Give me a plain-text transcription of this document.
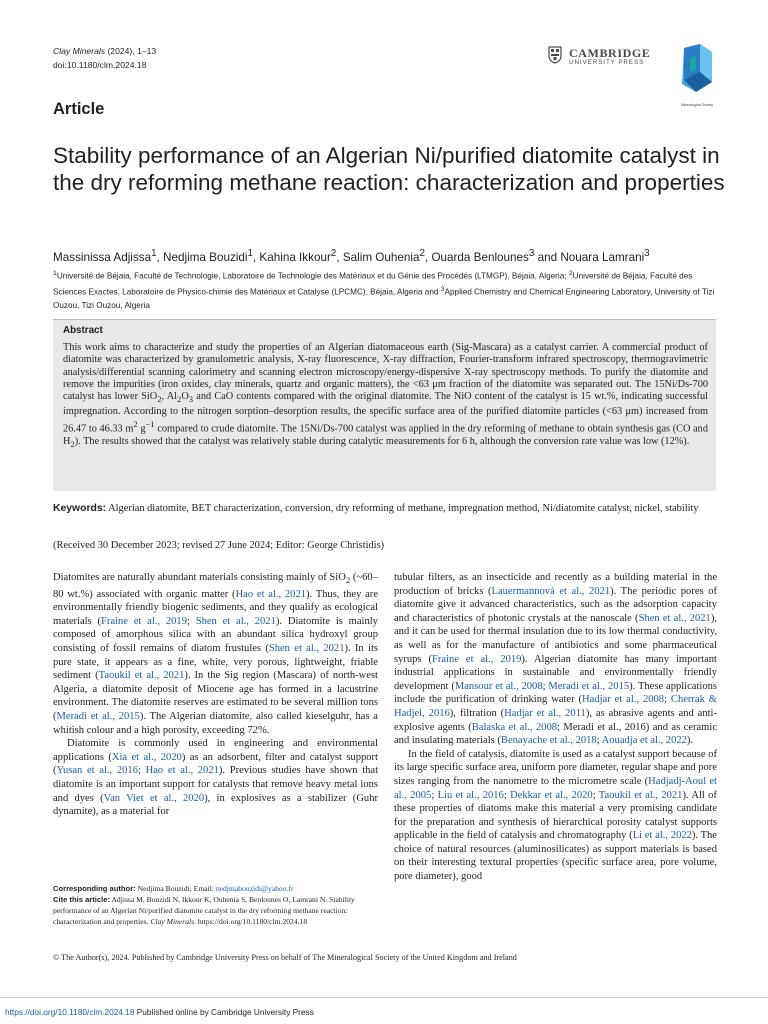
Clay Minerals (2024), 1–13
doi:10.1180/clm.2024.18
CAMBRIDGE
UNIVERSITY PRESS
Mineralogical Society
Article
Stability performance of an Algerian Ni/purified diatomite catalyst in the dry reforming methane reaction: characterization and properties
Massinissa Adjissa$^1$, Nedjima Bouzidi$^1$, Kahina Ikkour$^2$, Salim Ouhenia$^2$, Ouarda Benlounes$^3$ and Nouara Lamrani$^3$
$^1$Université de Béjaia, Faculté de Technologie, Laboratoire de Technologie des Matériaux et du Génie des Procédés (LTMGP), Béjaia, Algeria; $^2$Université de Béjaia, Faculté des Sciences Exactes, Laboratoire de Physico-chimie des Matériaux et Catalyse (LPCMC), Béjaia, Algeria and $^3$Applied Chemistry and Chemical Engineering Laboratory, University of Tizi Ouzou, Tizi Ouzou, Algeria
Abstract

This work aims to characterize and study the properties of an Algerian diatomaceous earth (Sig-Mascara) as a catalyst carrier. A commercial product of diatomite was characterized by granulometric analysis, X-ray fluorescence, X-ray diffraction, Fourier-transform infrared spectroscopy, thermogravimetric analysis/differential scanning calorimetry and scanning electron microscopy/energy-dispersive X-ray spectroscopy methods. To purify the diatomite and remove the impurities (iron oxides, clay minerals, quartz and organic matters), the <63 μm fraction of the diatomite was separated out. The 15Ni/Ds-700 catalyst has lower SiO$_2$, $Al_2O_3$ and CaO contents compared with the original diatomite. The NiO content of the catalyst is 15 wt.%, indicating successful impregnation. According to the nitrogen sorption–desorption results, the specific surface area of the purified diatomite particles (<63 μm) increased from 26.47 to 46.33 $m^2$ $g^{-1}$ compared to crude diatomite. The 15Ni/Ds-700 catalyst was applied in the dry reforming of methane to obtain synthesis gas (CO and $H_2$). The results showed that the catalyst was relatively stable during catalytic measurements for 6 h, although the conversion rate value was low (12%).

Keywords: Algerian diatomite, BET characterization, conversion, dry reforming of methane, impregnation method, Ni/diatomite catalyst, nickel, stability
(Received 30 December 2023; revised 27 June 2024; Editor: George Christidis)

Diatomites are naturally abundant materials consisting mainly of SiO$_2$ (~60–80 wt.%) associated with organic matter (Hao et al., 2021). Thus, they are environmentally friendly biogenic sediments, and they qualify as ecological materials (Fraine et al., 2019; Shen et al., 2021). Diatomite is mainly composed of amorphous silica with an abundant silica hydroxyl group consisting of fossil remains of diatom frustules (Shen et al., 2021). In its pure state, it appears as a fine, white, very porous, lightweight, friable sediment (Taoukil et al., 2021). In the Sig region (Mascara) of north-west Algeria, a diatomite deposit of Miocene age has formed in a lacustrine environment. The diatomite reserves are estimated to be several million tons (Meradi et al., 2015). The Algerian diatomite, also called kieselguhr, has a whitish colour and a high porosity, exceeding 72%.

Diatomite is commonly used in engineering and environmental applications (Xia et al., 2020) as an adsorbent, filter and catalyst support (Yusan et al., 2016; Hao et al., 2021). Previous studies have shown that diatomite is an important support for catalysts that remove heavy metal ions and dyes (Van Viet et al., 2020), in explosives as a stabilizer (Guhr dynamite), as a material for

Corresponding author: Nedjima Bouzidi; Email: nedjmabouzidi@yahoo.fr
Cite this article: Adjissa M, Bouzidi N, Ikkour K, Ouhenia S, Benlounes O, Lamrani N. Stability performance of an Algerian Ni/purified diatomite catalyst in the dry reforming methane reaction: characterization and properties. Clay Minerals. https://doi.org/10.1180/clm.2024.18

tubular filters, as an insecticide and recently as a building material in the production of bricks (Lauermannová et al., 2021). The periodic pores of diatomite give it advanced characteristics, such as the adsorption capacity and characteristics of photonic crystals at the nanoscale (Shen et al., 2021), and it can be used for thermal insulation due to its low thermal conductivity, as well as for the manufacture of antibiotics and some pharmaceutical syrups (Fraine et al., 2019). Algerian diatomite has many important industrial applications in sustainable and environmentally friendly development (Mansour et al., 2008; Meradi et al., 2015). These applications include the purification of drinking water (Hadjar et al., 2008; Cherrak & Hadjel, 2016), filtration (Hadjar et al., 2011), as abrasive agents and anti-explosive agents (Balaska et al., 2008; Meradi et al., 2016) and as ceramic and insulating materials (Benayache et al., 2018; Aouadja et al., 2022).

In the field of catalysis, diatomite is used as a catalyst support because of its large specific surface area, uniform pore diameter, regular shape and pore sizes ranging from the nanometre to the micrometre scale (Hadjadj-Aoul et al., 2005; Liu et al., 2016; Dekkar et al., 2020; Taoukil et al., 2021). All of these properties of diatoms make this material a very promising candidate for the preparation and synthesis of hierarchical porosity catalyst supports applicable in the field of catalysis and chromatography (Li et al., 2022). The choice of natural resources (aluminosilicates) as support materials is based on their interesting textural properties (specific surface area, pore volume, pore diameter), good

© The Author(s), 2024. Published by Cambridge University Press on behalf of The Mineralogical Society of the United Kingdom and Ireland
https://doi.org/10.1180/clm.2024.18 Published online by Cambridge University Press
